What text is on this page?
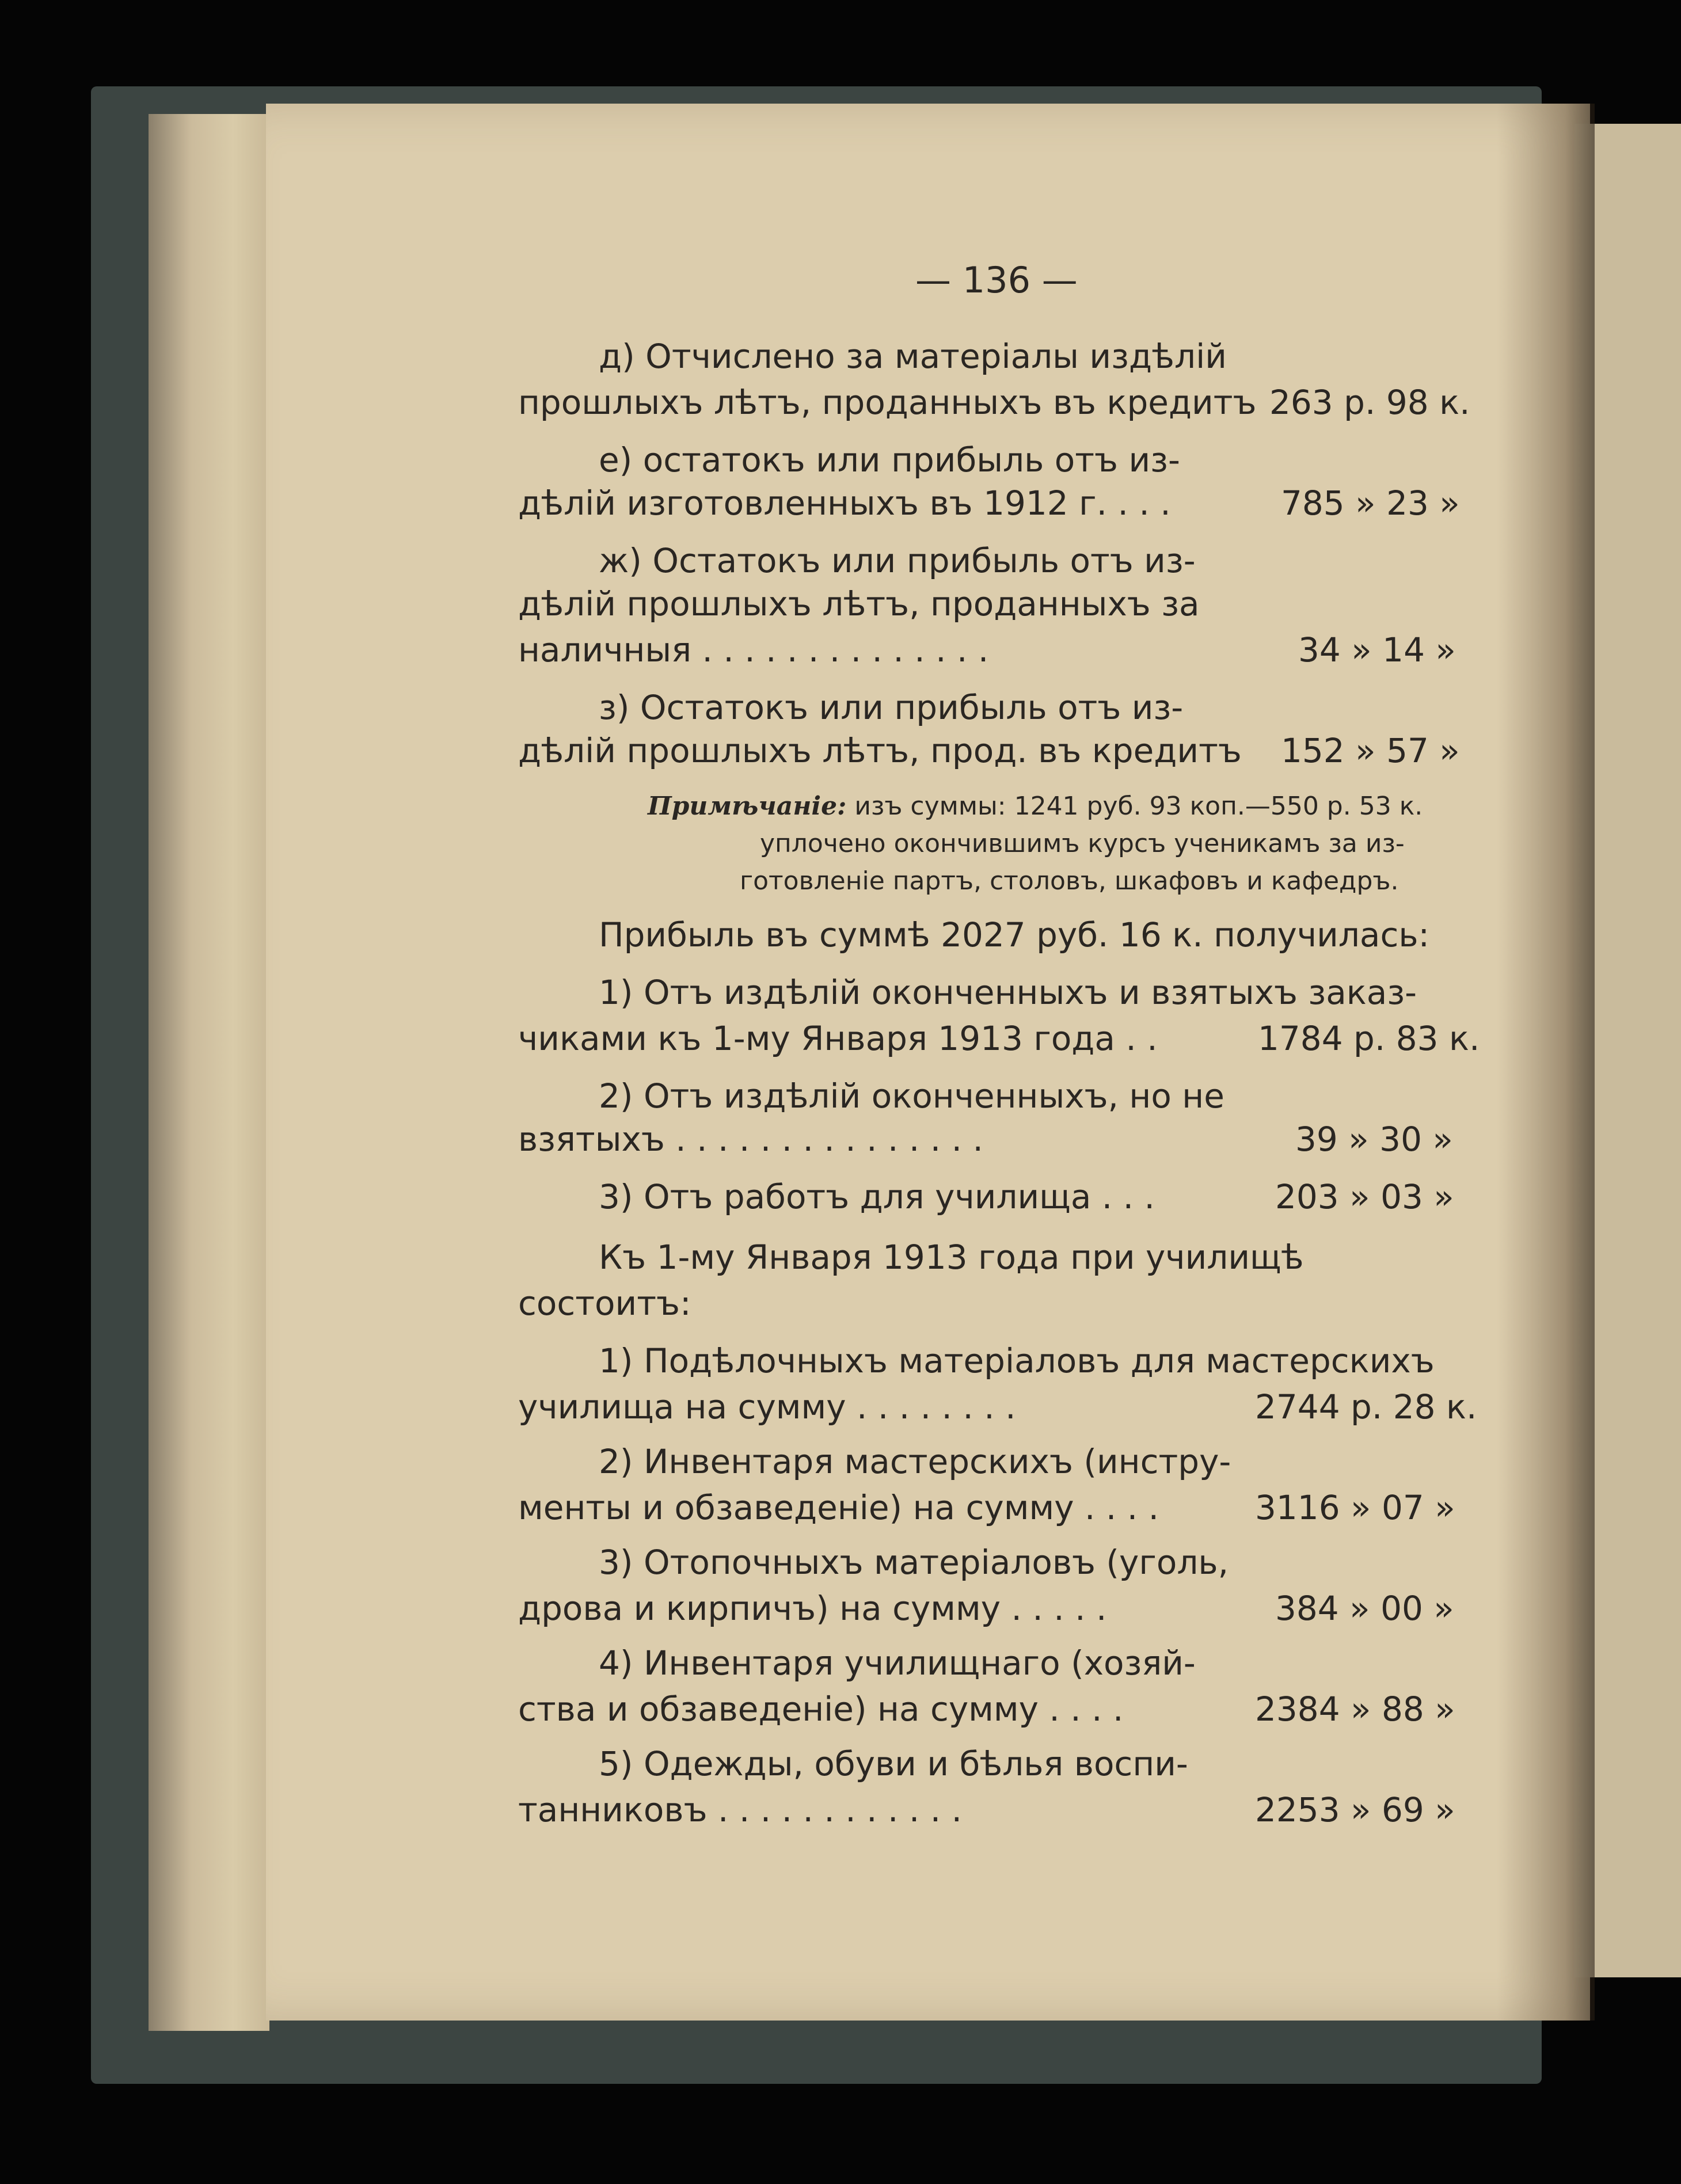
— 136 —
д) Отчислено за матеріалы издѣлій
прошлыхъ лѣтъ, проданныхъ въ кредитъ 263 р. 98 к.
е) остатокъ или прибыль отъ из-
дѣлій изготовленныхъ въ 1912 г. . . .	785 » 23 »
ж) Остатокъ или прибыль отъ из-
дѣлій прошлыхъ лѣтъ, проданныхъ за
наличныя . . . . . . . . . . . . . .	34 » 14 »
з) Остатокъ или прибыль отъ из-
дѣлій прошлыхъ лѣтъ, прод. въ кредитъ 152 » 57 »
Примѣчаніе: изъ суммы: 1241 руб. 93 коп.—550 р. 53 к.
уплочено окончившимъ курсъ ученикамъ за из-
готовленіе партъ, столовъ, шкафовъ и кафедръ.
Прибыль въ суммѣ 2027 руб. 16 к. получилась:
1) Отъ издѣлій оконченныхъ и взятыхъ заказ-
чиками къ 1-му Января 1913 года . .	1784 р. 83 к.
2) Отъ издѣлій оконченныхъ, но не
взятыхъ . . . . . . . . . . . . . . .	39 » 30 »
3) Отъ работъ для училища . . .	203 » 03 »
Къ 1-му Января 1913 года при училищѣ
состоитъ:
1) Подѣлочныхъ матеріаловъ для мастерскихъ
училища на сумму . . . . . . . .	2744 р. 28 к.
2) Инвентаря мастерскихъ (инстру-
менты и обзаведеніе) на сумму . . . .	3116 » 07 »
3) Отопочныхъ матеріаловъ (уголь,
дрова и кирпичъ) на сумму . . . . .	384 » 00 »
4) Инвентаря училищнаго (хозяй-
ства и обзаведеніе) на сумму . . . .	2384 » 88 »
5) Одежды, обуви и бѣлья воспи-
танниковъ . . . . . . . . . . . .	2253 » 69 »
